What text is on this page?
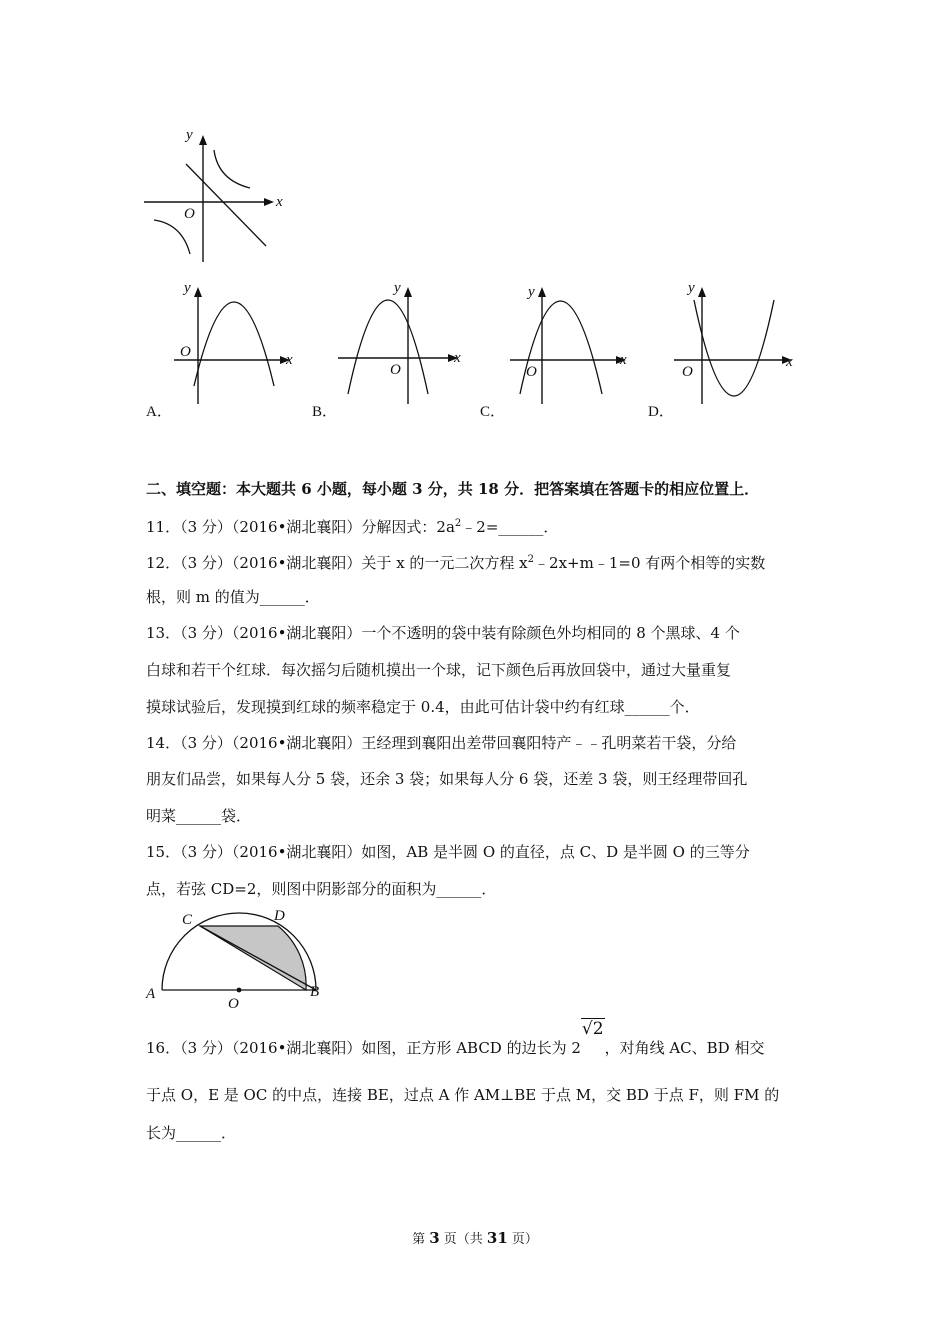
y
x
O
y
x
O
y
x
O
y
x
O
y
x
O
A．	B．	C．	D．
二、填空题：本大题共 6 小题，每小题 3 分，共 18 分．把答案填在答题卡的相应位置上．
11．（3 分）（2016•湖北襄阳）分解因式：$2a^2﹣2=\_\_\_\_\_\_$．
12．（3 分）（2016•湖北襄阳）关于 x 的一元二次方程 $x^2﹣2x+m﹣1=0$ 有两个相等的实数
根，则 m 的值为______．
13．（3 分）（2016•湖北襄阳）一个不透明的袋中装有除颜色外均相同的 8 个黑球、4 个
白球和若干个红球．每次摇匀后随机摸出一个球，记下颜色后再放回袋中，通过大量重复
摸球试验后，发现摸到红球的频率稳定于 0.4，由此可估计袋中约有红球______个．
14．（3 分）（2016•湖北襄阳）王经理到襄阳出差带回襄阳特产﹣﹣孔明菜若干袋，分给
朋友们品尝，如果每人分 5 袋，还余 3 袋；如果每人分 6 袋，还差 3 袋，则王经理带回孔
明菜______袋．
15．（3 分）（2016•湖北襄阳）如图，AB 是半圆 O 的直径，点 C、D 是半圆 O 的三等分
点，若弦 CD=2，则图中阴影部分的面积为______．
C	D
A	B
O
16．（3 分）（2016•湖北襄阳）如图，正方形 ABCD 的边长为 2√2，对角线 AC、BD 相交
于点 O，E 是 OC 的中点，连接 BE，过点 A 作 AM⊥BE 于点 M，交 BD 于点 F，则 FM 的
长为______．
第 3 页（共 31 页）
